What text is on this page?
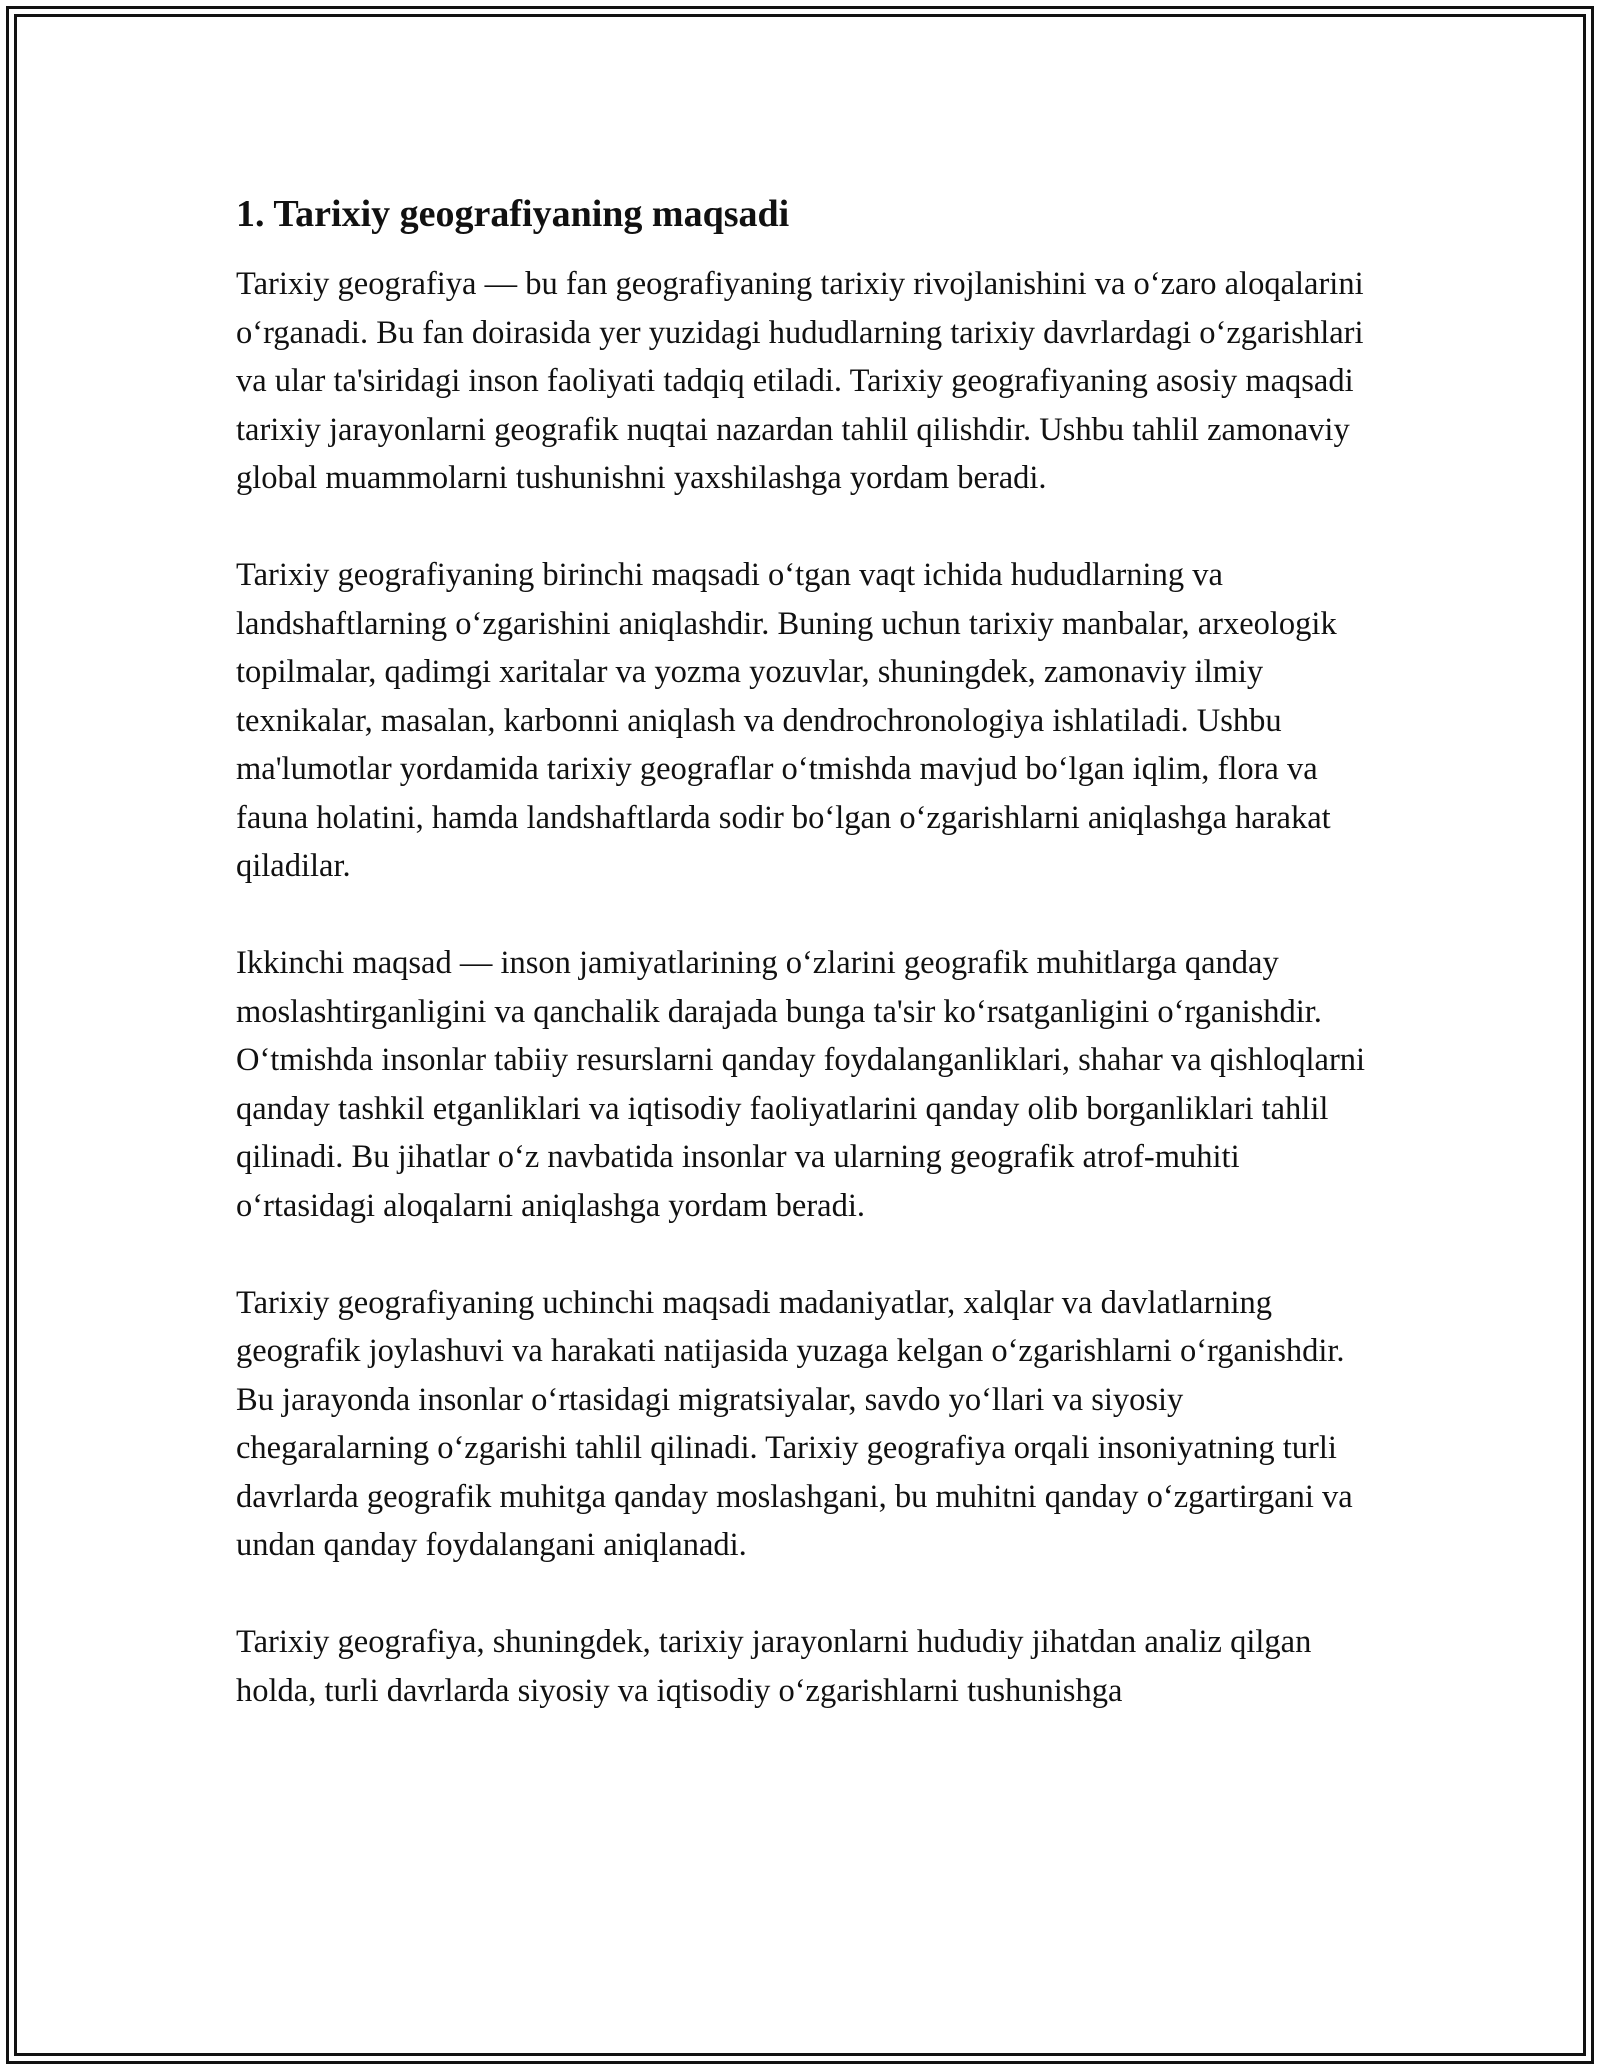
1. Tarixiy geografiyaning maqsadi

Tarixiy geografiya — bu fan geografiyaning tarixiy rivojlanishini va oʻzaro aloqalarini oʻrganadi. Bu fan doirasida yer yuzidagi hududlarning tarixiy davrlardagi oʻzgarishlari va ular ta'siridagi inson faoliyati tadqiq etiladi. Tarixiy geografiyaning asosiy maqsadi tarixiy jarayonlarni geografik nuqtai nazardan tahlil qilishdir. Ushbu tahlil zamonaviy global muammolarni tushunishni yaxshilashga yordam beradi.

Tarixiy geografiyaning birinchi maqsadi oʻtgan vaqt ichida hududlarning va landshaftlarning oʻzgarishini aniqlashdir. Buning uchun tarixiy manbalar, arxeologik topilmalar, qadimgi xaritalar va yozma yozuvlar, shuningdek, zamonaviy ilmiy texnikalar, masalan, karbonni aniqlash va dendrochronologiya ishlatiladi. Ushbu ma'lumotlar yordamida tarixiy geograflar oʻtmishda mavjud boʻlgan iqlim, flora va fauna holatini, hamda landshaftlarda sodir boʻlgan oʻzgarishlarni aniqlashga harakat qiladilar.

Ikkinchi maqsad — inson jamiyatlarining oʻzlarini geografik muhitlarga qanday moslashtirganligini va qanchalik darajada bunga ta'sir koʻrsatganligini oʻrganishdir. Oʻtmishda insonlar tabiiy resurslarni qanday foydalanganliklari, shahar va qishloqlarni qanday tashkil etganliklari va iqtisodiy faoliyatlarini qanday olib borganliklari tahlil qilinadi. Bu jihatlar oʻz navbatida insonlar va ularning geografik atrof-muhiti oʻrtasidagi aloqalarni aniqlashga yordam beradi.

Tarixiy geografiyaning uchinchi maqsadi madaniyatlar, xalqlar va davlatlarning geografik joylashuvi va harakati natijasida yuzaga kelgan oʻzgarishlarni oʻrganishdir. Bu jarayonda insonlar oʻrtasidagi migratsiyalar, savdo yoʻllari va siyosiy chegaralarning oʻzgarishi tahlil qilinadi. Tarixiy geografiya orqali insoniyatning turli davrlarda geografik muhitga qanday moslashgani, bu muhitni qanday oʻzgartirgani va undan qanday foydalangani aniqlanadi.

Tarixiy geografiya, shuningdek, tarixiy jarayonlarni hududiy jihatdan analiz qilgan holda, turli davrlarda siyosiy va iqtisodiy oʻzgarishlarni tushunishga
